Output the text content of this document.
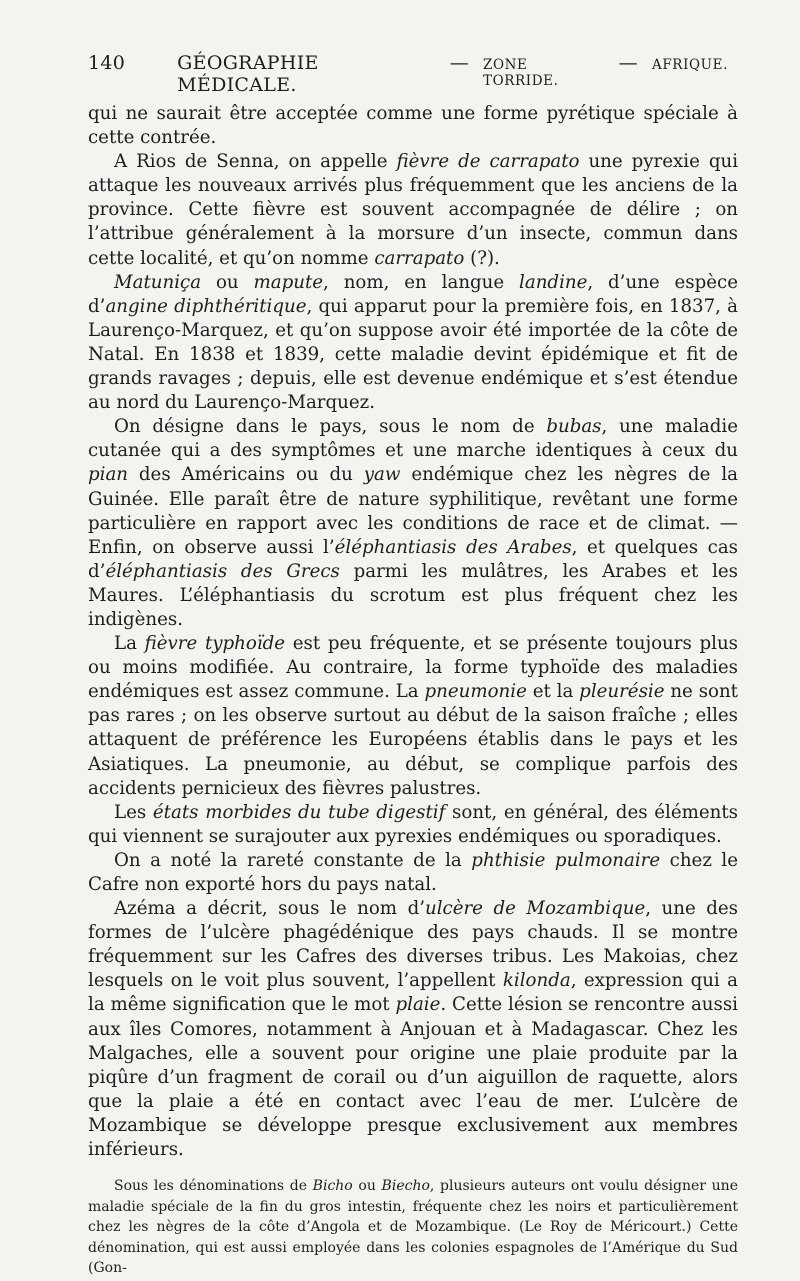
140	GÉOGRAPHIE MÉDICALE.
— ZONE TORRIDE.
— AFRIQUE.

qui ne saurait être acceptée comme une forme pyrétique spéciale à cette contrée.

A Rios de Senna, on appelle fièvre de carrapato une pyrexie qui attaque les nouveaux arrivés plus fréquemment que les anciens de la province. Cette fièvre est souvent accompagnée de délire ; on l’attribue généralement à la morsure d’un insecte, commun dans cette localité, et qu’on nomme carrapato (?).

Matuniça ou mapute, nom, en langue landine, d’une espèce d’angine diphthéritique, qui apparut pour la première fois, en 1837, à Laurenço-Marquez, et qu’on suppose avoir été importée de la côte de Natal. En 1838 et 1839, cette maladie devint épidémique et fit de grands ravages ; depuis, elle est devenue endémique et s’est étendue au nord du Laurenço-Marquez.

On désigne dans le pays, sous le nom de bubas, une maladie cutanée qui a des symptômes et une marche identiques à ceux du pian des Américains ou du yaw endémique chez les nègres de la Guinée. Elle paraît être de nature syphilitique, revêtant une forme particulière en rapport avec les conditions de race et de climat. — Enfin, on observe aussi l’éléphantiasis des Arabes, et quelques cas d’éléphantiasis des Grecs parmi les mulâtres, les Arabes et les Maures. L’éléphantiasis du scrotum est plus fréquent chez les indigènes.

La fièvre typhoïde est peu fréquente, et se présente toujours plus ou moins modifiée. Au contraire, la forme typhoïde des maladies endémiques est assez commune. La pneumonie et la pleurésie ne sont pas rares ; on les observe surtout au début de la saison fraîche ; elles attaquent de préférence les Européens établis dans le pays et les Asiatiques. La pneumonie, au début, se complique parfois des accidents pernicieux des fièvres palustres.

Les états morbides du tube digestif sont, en général, des éléments qui viennent se surajouter aux pyrexies endémiques ou sporadiques.

On a noté la rareté constante de la phthisie pulmonaire chez le Cafre non exporté hors du pays natal.

Azéma a décrit, sous le nom d’ulcère de Mozambique, une des formes de l’ulcère phagédénique des pays chauds. Il se montre fréquemment sur les Cafres des diverses tribus. Les Makoias, chez lesquels on le voit plus souvent, l’appellent kilonda, expression qui a la même signification que le mot plaie. Cette lésion se rencontre aussi aux îles Comores, notamment à Anjouan et à Madagascar. Chez les Malgaches, elle a souvent pour origine une plaie produite par la piqûre d’un fragment de corail ou d’un aiguillon de raquette, alors que la plaie a été en contact avec l’eau de mer. L’ulcère de Mozambique se développe presque exclusivement aux membres inférieurs.

Sous les dénominations de Bicho ou Biecho, plusieurs auteurs ont voulu désigner une maladie spéciale de la fin du gros intestin, fréquente chez les noirs et particulièrement chez les nègres de la côte d’Angola et de Mozambique. (Le Roy de Méricourt.) Cette dénomination, qui est aussi employée dans les colonies espagnoles de l’Amérique du Sud (Gon-
